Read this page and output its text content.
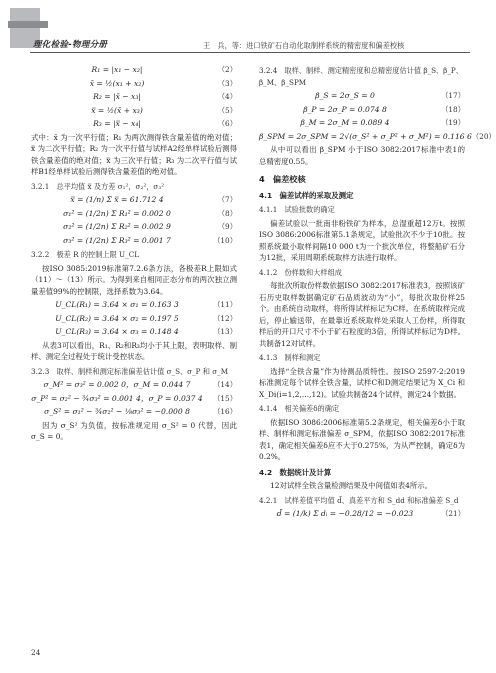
理化检验-物理分册	王　兵，等：进口铁矿石自动化取制样系统的精密度和偏差校核
R₁ = |x₁ − x₂|	（2）
x̄ = ½(x₁ + x₂)	（3）
R₂ = |x̄ − x₃|	（4）
x̿ = ½(x̄ + x₃)	（5）
R₃ = |x̿ − x₄|	（6）
式中：x̄ 为一次平行值；R₁ 为两次测得铁含量差值的绝对值；x̿ 为二次平行值；R₂ 为一次平行值与试样A2经单样试验后测得铁含量差值的绝对值；x̿ 为三次平行值；R₃ 为二次平行值与试样B1经单样试验后测得铁含量差值的绝对值。
3.2.1　总平均值 x̿ 及方差 σ₁²，σ₂²，σ₃²
x̿ = (1/n) Σ x̿ = 61.712 4	（7）
σ₁² = (1/2n) Σ R₁² = 0.002 0	（8）
σ₂² = (1/2n) Σ R₂² = 0.002 9	（9）
σ₃² = (1/2n) Σ R₃² = 0.001 7	（10）
3.2.2　极差 R 的控制上限 U_CL
按ISO 3085:2019标准第7.2.6条方法，各极差R上限如式（11）～（13）所示。为得到来自相同正态分布的两次独立测量差值99%的控制限，选择系数为3.64。
U_CL(R₁) = 3.64 × σ₁ = 0.163 3	（11）
U_CL(R₂) = 3.64 × σ₂ = 0.197 5	（12）
U_CL(R₃) = 3.64 × σ₃ = 0.148 4	（13）
从表3可以看出，R₁、R₂和R₃均小于其上限，表明取样、制样、测定全过程处于统计受控状态。
3.2.3　取样、制样和测定标准偏差估计值 σ_S、σ_P 和 σ_M
σ_M² = σ₃² = 0.002 0，σ_M = 0.044 7	（14）
σ_P² = σ₂² − ¾σ₃² = 0.001 4，σ_P = 0.037 4	（15）
σ_S² = σ₁² − ¾σ₂² − ⅛σ₃² = −0.000 8	（16）
因为 σ_S² 为负值，按标准规定用 σ_S² = 0 代替，因此 σ_S = 0。
3.2.4　取样、制样、测定精密度和总精密度估计值 β_S、β_P、β_M、β_SPM
β_S = 2σ_S = 0	（17）
β_P = 2σ_P = 0.074 8	（18）
β_M = 2σ_M = 0.089 4	（19）
β_SPM = 2σ_SPM = 2√(σ_S² + σ_P² + σ_M²) = 0.116 6 （20）
从中可以看出 β_SPM 小于ISO 3082:2017标准中表1的总精密度0.55。
4　偏差校核
4.1　偏差试样的采取及测定
4.1.1　试验批数的确定
偏差试验以一批南非粉铁矿为样本，总湿重超12万t。按照ISO 3086:2006标准第5.1条规定，试验批次不少于10批。按照系统最小取样间隔10 000 t为一个批次单位，将整船矿石分为12批，采用周期系统取样方法进行取样。
4.1.2　份样数和大样组成
每批次所取份样数依据ISO 3082:2017标准表3，按照该矿石历史取样数据确定矿石品质波动为“小”，每批次取份样25个。由系统自动取样，将所得试样标记为C样。在系统取样完成后，停止输送带，在最靠近系统取样处采取人工份样，所得取样后的开口尺寸不小于矿石粒度的3倍，所得试样标记为D样。共制备12对试样。
4.1.3　制样和测定
选择“全铁含量”作为待测品质特性。按ISO 2597-2:2019标准测定每个试样全铁含量，试样C和D测定结果记为 X_Ci 和 X_Di(i=1,2,…,12)。试验共制备24个试样，测定24个数据。
4.1.4　相关偏差δ的确定
依据ISO 3086:2006标准第5.2条规定，相关偏差δ小于取样、制样和测定标准偏差 σ_SPM，依据ISO 3082:2017标准表1，确定相关偏差δ应不大于0.275%，为从严控制，确定δ为0.2%。
4.2　数据统计及计算
12对试样全铁含量检测结果及中间值如表4所示。
4.2.1　试样差值平均值 d̄、真差平方和 S_dd 和标准偏差 S_d
d̄ = (1/k) Σ dᵢ = −0.28/12 = −0.023	（21）
24
